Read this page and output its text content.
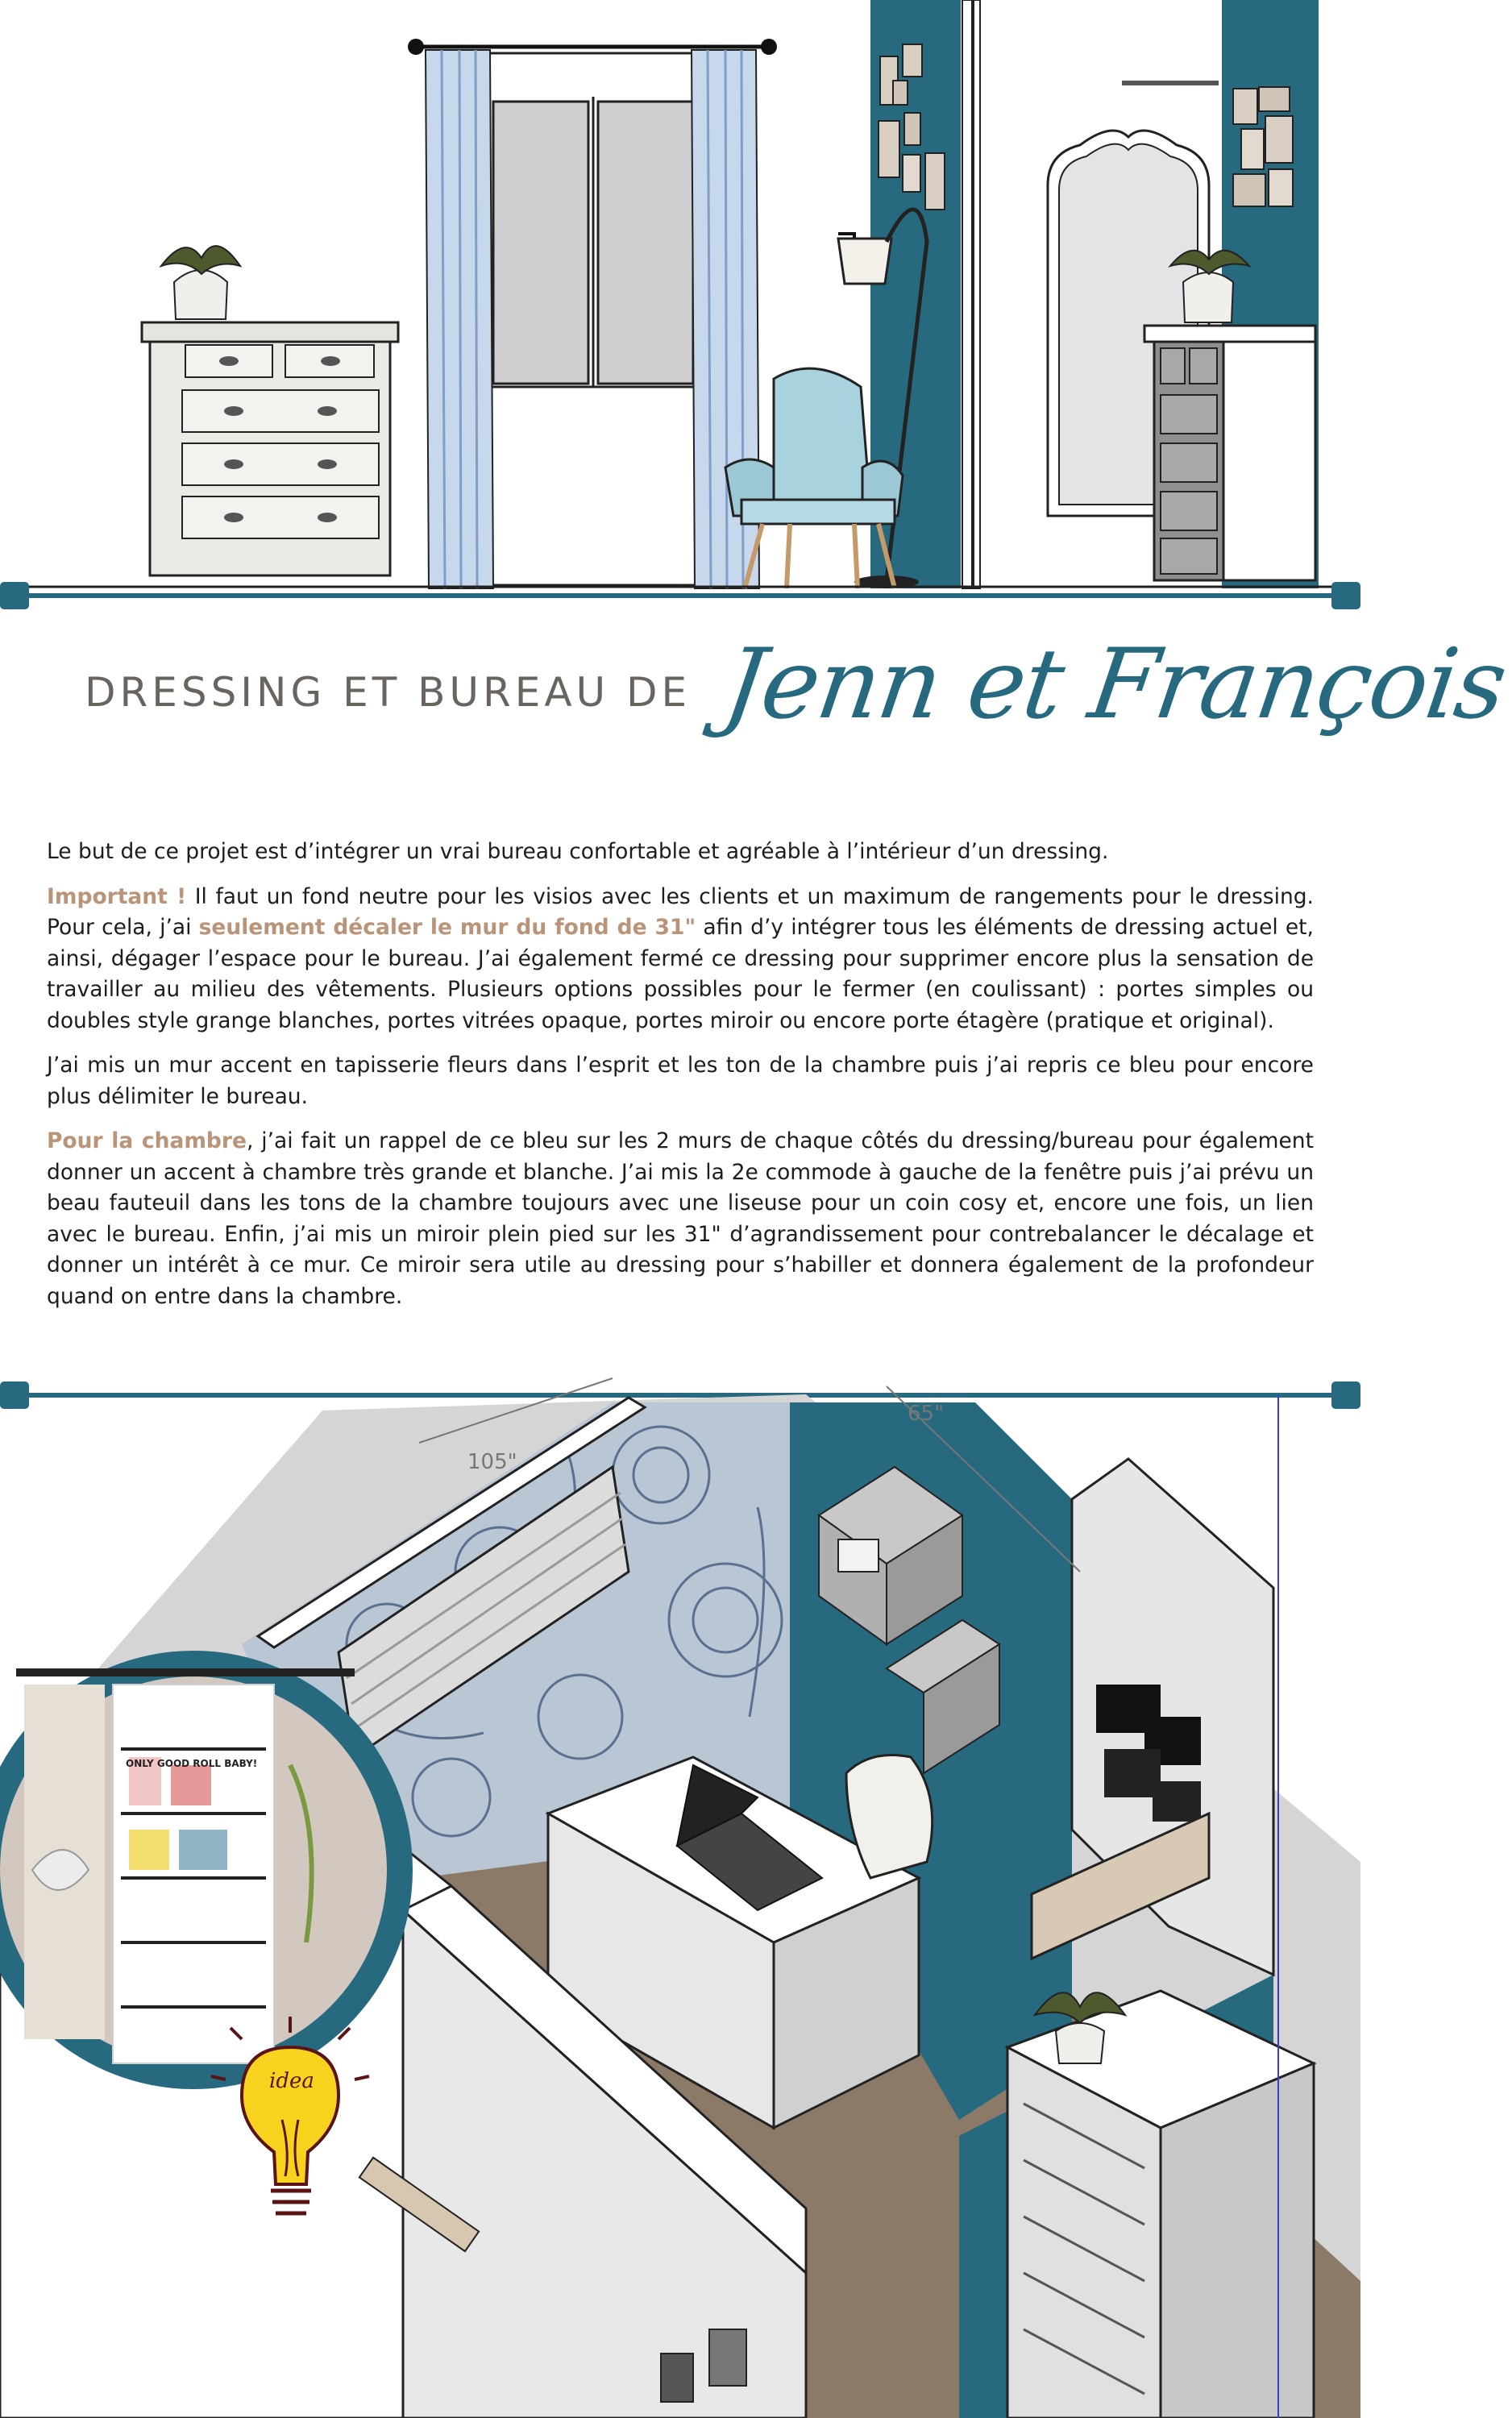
DRESSING ET BUREAU DE Jenn et François

Le but de ce projet est d’intégrer un vrai bureau confortable et agréable à l’intérieur d’un dressing.

Important ! Il faut un fond neutre pour les visios avec les clients et un maximum de rangements pour le dressing. Pour cela, j’ai seulement décaler le mur du fond de 31" afin d’y intégrer tous les éléments de dressing actuel et, ainsi, dégager l’espace pour le bureau. J’ai également fermé ce dressing pour supprimer encore plus la sensation de travailler au milieu des vêtements. Plusieurs options possibles pour le fermer (en coulissant) : portes simples ou doubles style grange blanches, portes vitrées opaque, portes miroir ou encore porte étagère (pratique et original).

J’ai mis un mur accent en tapisserie fleurs dans l’esprit et les ton de la chambre puis j’ai repris ce bleu pour encore plus délimiter le bureau.

Pour la chambre, j’ai fait un rappel de ce bleu sur les 2 murs de chaque côtés du dressing/bureau pour également donner un accent à chambre très grande et blanche. J’ai mis la 2e commode à gauche de la fenêtre puis j’ai prévu un beau fauteuil dans les tons de la chambre toujours avec une liseuse pour un coin cosy et, encore une fois, un lien avec le bureau. Enfin, j’ai mis un miroir plein pied sur les 31" d’agrandissement pour contrebalancer le décalage et donner un intérêt à ce mur. Ce miroir sera utile au dressing pour s’habiller et donnera également de la profondeur quand on entre dans la chambre.

105"
65"
ONLY GOOD ROLL BABY!
idea
